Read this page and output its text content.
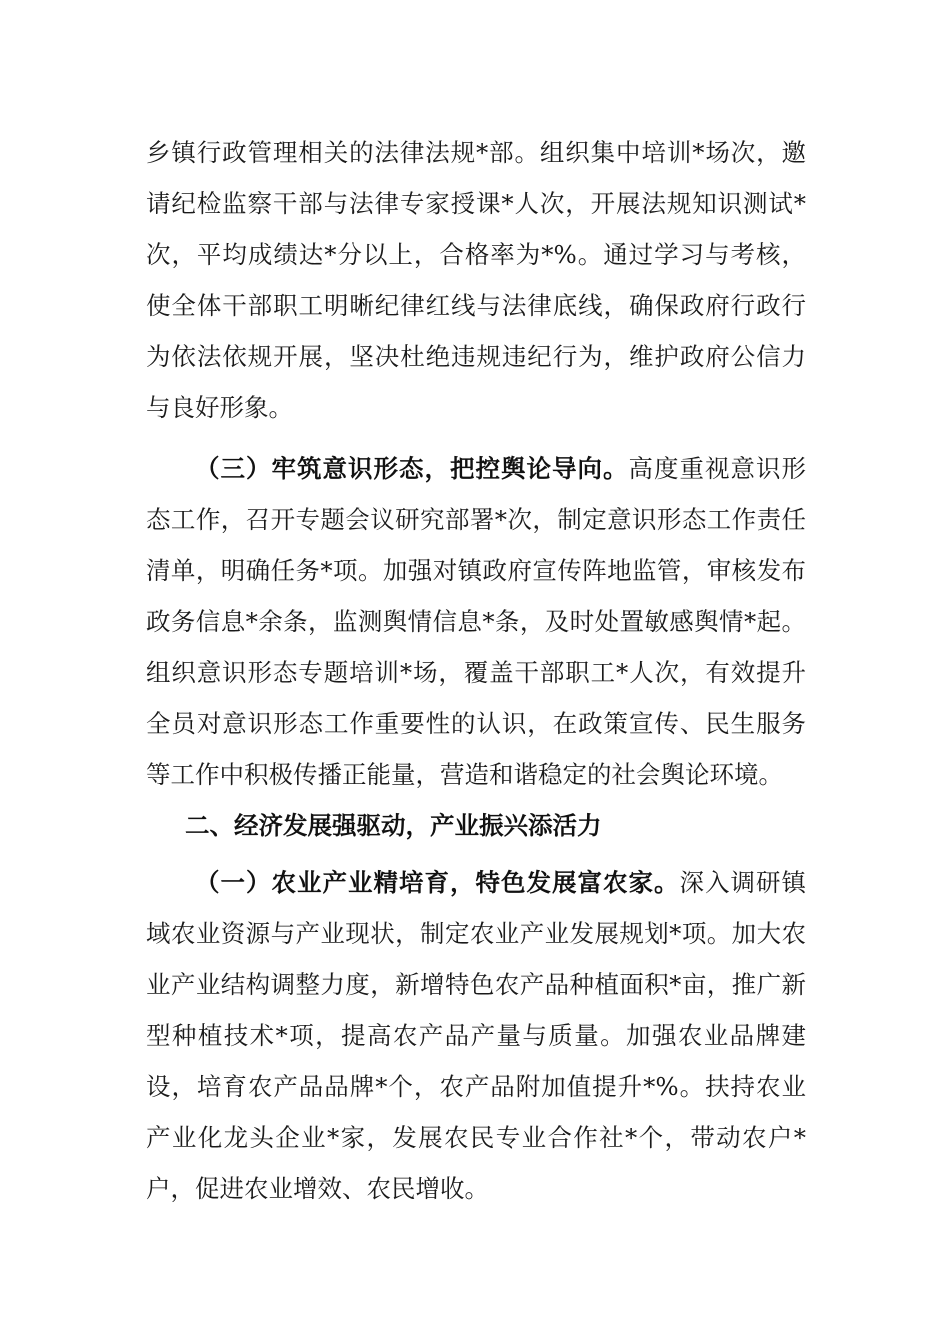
乡镇行政管理相关的法律法规*部。组织集中培训*场次，邀请纪检监察干部与法律专家授课*人次，开展法规知识测试*次，平均成绩达*分以上，合格率为*%。通过学习与考核，使全体干部职工明晰纪律红线与法律底线，确保政府行政行为依法依规开展，坚决杜绝违规违纪行为，维护政府公信力与良好形象。

（三）牢筑意识形态，把控舆论导向。高度重视意识形态工作，召开专题会议研究部署*次，制定意识形态工作责任清单，明确任务*项。加强对镇政府宣传阵地监管，审核发布政务信息*余条，监测舆情信息*条，及时处置敏感舆情*起。组织意识形态专题培训*场，覆盖干部职工*人次，有效提升全员对意识形态工作重要性的认识，在政策宣传、民生服务等工作中积极传播正能量，营造和谐稳定的社会舆论环境。

二、经济发展强驱动，产业振兴添活力

（一）农业产业精培育，特色发展富农家。深入调研镇域农业资源与产业现状，制定农业产业发展规划*项。加大农业产业结构调整力度，新增特色农产品种植面积*亩，推广新型种植技术*项，提高农产品产量与质量。加强农业品牌建设，培育农产品品牌*个，农产品附加值提升*%。扶持农业产业化龙头企业*家，发展农民专业合作社*个，带动农户*户，促进农业增效、农民增收。
